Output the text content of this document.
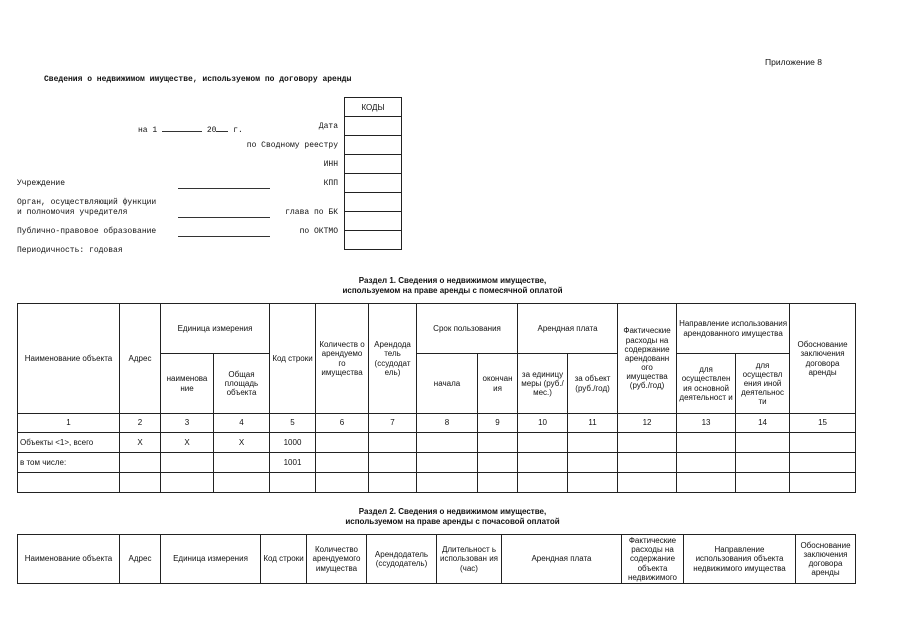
Приложение 8
Сведения о недвижимом имуществе, используемом по договору аренды
КОДЫ

на 1	20 г.	Дата
по Сводному реестру
ИНН
КПП
глава по БК
по ОКТМО
Учреждение
Орган, осуществляющий функции
и полномочия учредителя
Публично-правовое образование
Периодичность: годовая
Раздел 1. Сведения о недвижимом имуществе,
используемом на праве аренды с помесячной оплатой
Наименование объекта	Адрес	Единица измерения		Код строки	Количеств о арендуемо го имущества	Арендода тель (ссудодат ель)	Срок пользования		Арендная плата		Фактические расходы на содержание арендованн ого имущества (руб./год)	Направление использования арендованного имущества		Обоснование заключения договора аренды
		наименова ние	Общая площадь объекта				начала	окончан ия	за единицу меры (руб./мес.)	за объект (руб./год)		для осуществлен ия основной деятельност и	для осуществл ения иной деятельнос ти	
1	2	3	4	5	6	7	8	9	10	11	12	13	14	15
Объекты <1>, всего	X	X	X	1000										
в том числе:				1001										

Раздел 2. Сведения о недвижимом имуществе,
используемом на праве аренды с почасовой оплатой
Наименование объекта	Адрес	Единица измерения	Код строки	Количество арендуемого имущества	Арендодатель (ссудодатель)	Длительност ь использован ия (час)	Арендная плата	Фактические расходы на содержание объекта недвижимого	Направление использования объекта недвижимого имущества	Обоснование заключения договора аренды
